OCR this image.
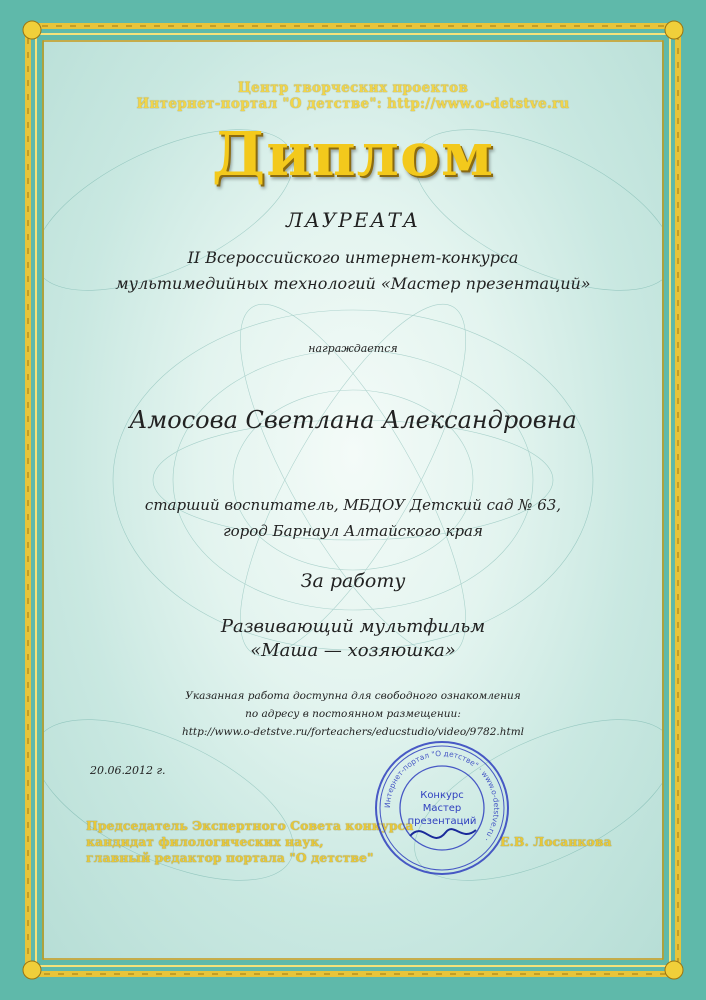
Центр творческих проектов
Интернет-портал "О детстве": http://www.o-detstve.ru
Диплом
ЛАУРЕАТА
II Всероссийского интернет-конкурса
мультимедийных технологий «Мастер презентаций»
награждается
Амосова Светлана Александровна
старший воспитатель, МБДОУ Детский сад № 63,
город Барнаул Алтайского края
За работу
Развивающий мультфильм
«Маша — хозяюшка»
Указанная работа доступна для свободного ознакомления
по адресу в постоянном размещении:
http://www.o-detstve.ru/forteachers/educstudio/video/9782.html
20.06.2012 г.
Председатель Экспертного Совета конкурса
кандидат филологических наук,
главный редактор портала "О детстве"
Е.В. Лосанкова
Интернет-портал "О детстве" · www.o-detstve.ru ·
Конкурс
Мастер
презентаций
